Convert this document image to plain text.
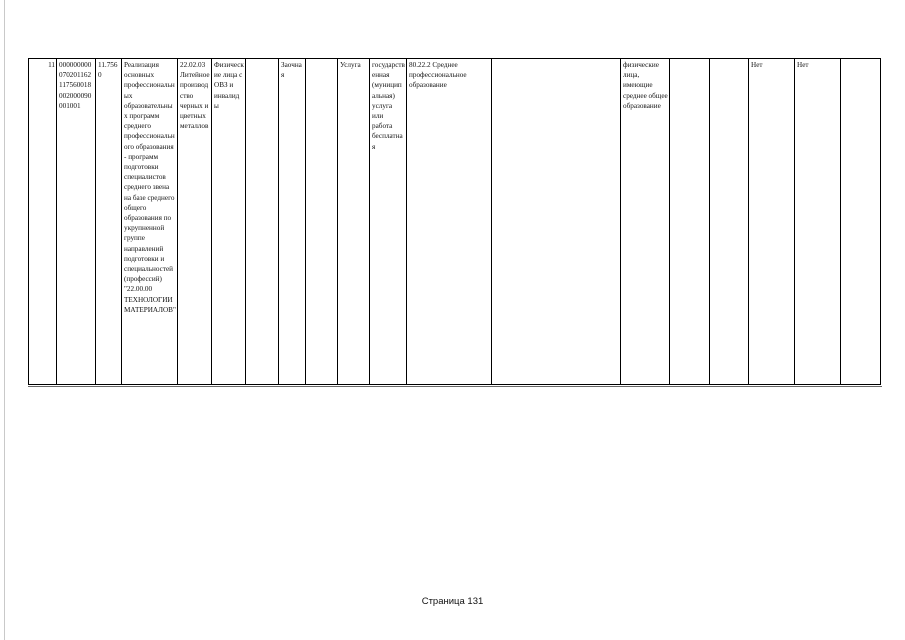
11	000000000070201162117560018002000090001001	11.7560	Реализация основных профессиональных образовательных программ среднего профессионального образования - программ подготовки специалистов среднего звена на базе среднего общего образования по укрупненной группе направлений подготовки и специальностей (профессий) "22.00.00 ТЕХНОЛОГИИ МАТЕРИАЛОВ"	22.02.03 Литейное производство черных и цветных металлов	Физические лица с ОВЗ и инвалиды		Заочная		Услуга	государственная (муниципальная) услуга или работа бесплатная	80.22.2 Среднее профессиональное образование		физические лица, имеющие среднее общее образование			Нет	Нет	
Страница 131
